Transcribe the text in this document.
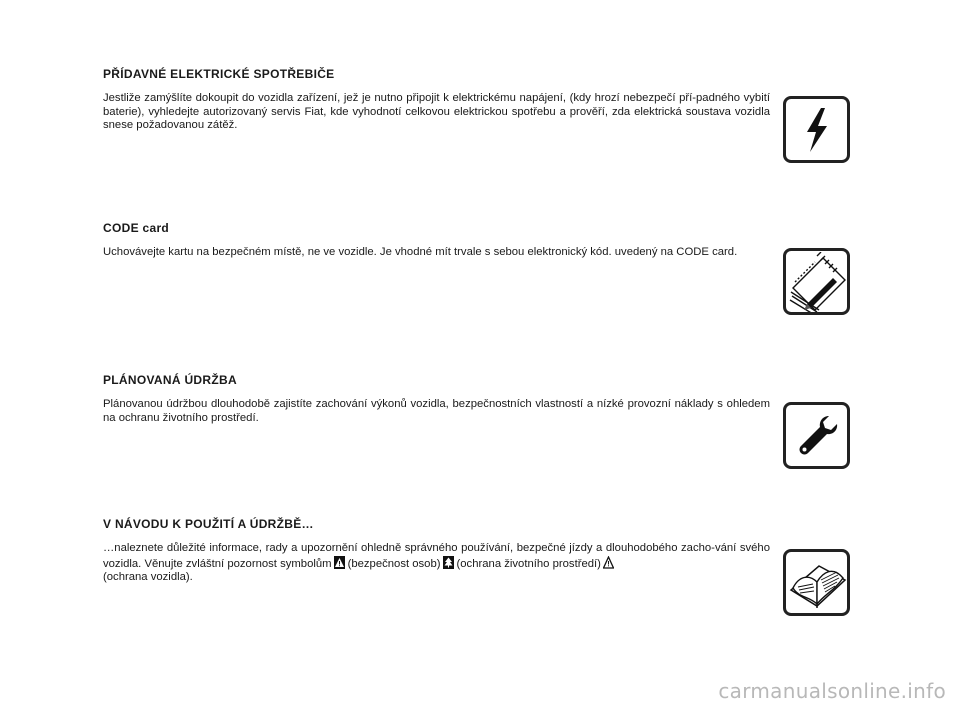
PŘÍDAVNÉ ELEKTRICKÉ SPOTŘEBIČE

Jestliže zamýšlíte dokoupit do vozidla zařízení, jež je nutno připojit k elektrickému napájení, (kdy hrozí nebezpečí pří-padného vybití baterie), vyhledejte autorizovaný servis Fiat, kde vyhodnotí celkovou elektrickou spotřebu a prověří, zda elektrická soustava vozidla snese požadovanou zátěž.

CODE card

Uchovávejte kartu na bezpečném místě, ne ve vozidle. Je vhodné mít trvale s sebou elektronický kód. uvedený na CODE card.

PLÁNOVANÁ ÚDRŽBA

Plánovanou údržbou dlouhodobě zajistíte zachování výkonů vozidla, bezpečnostních vlastností a nízké provozní náklady s ohledem na ochranu životního prostředí.

V NÁVODU K POUŽITÍ A ÚDRŽBĚ…

…naleznete důležité informace, rady a upozornění ohledně správného používání, bezpečné jízdy a dlouhodobého zacho-vání svého vozidla. Věnujte zvláštní pozornost symbolům (bezpečnost osob) (ochrana životního prostředí)
(ochrana vozidla).

carmanualsonline.info
